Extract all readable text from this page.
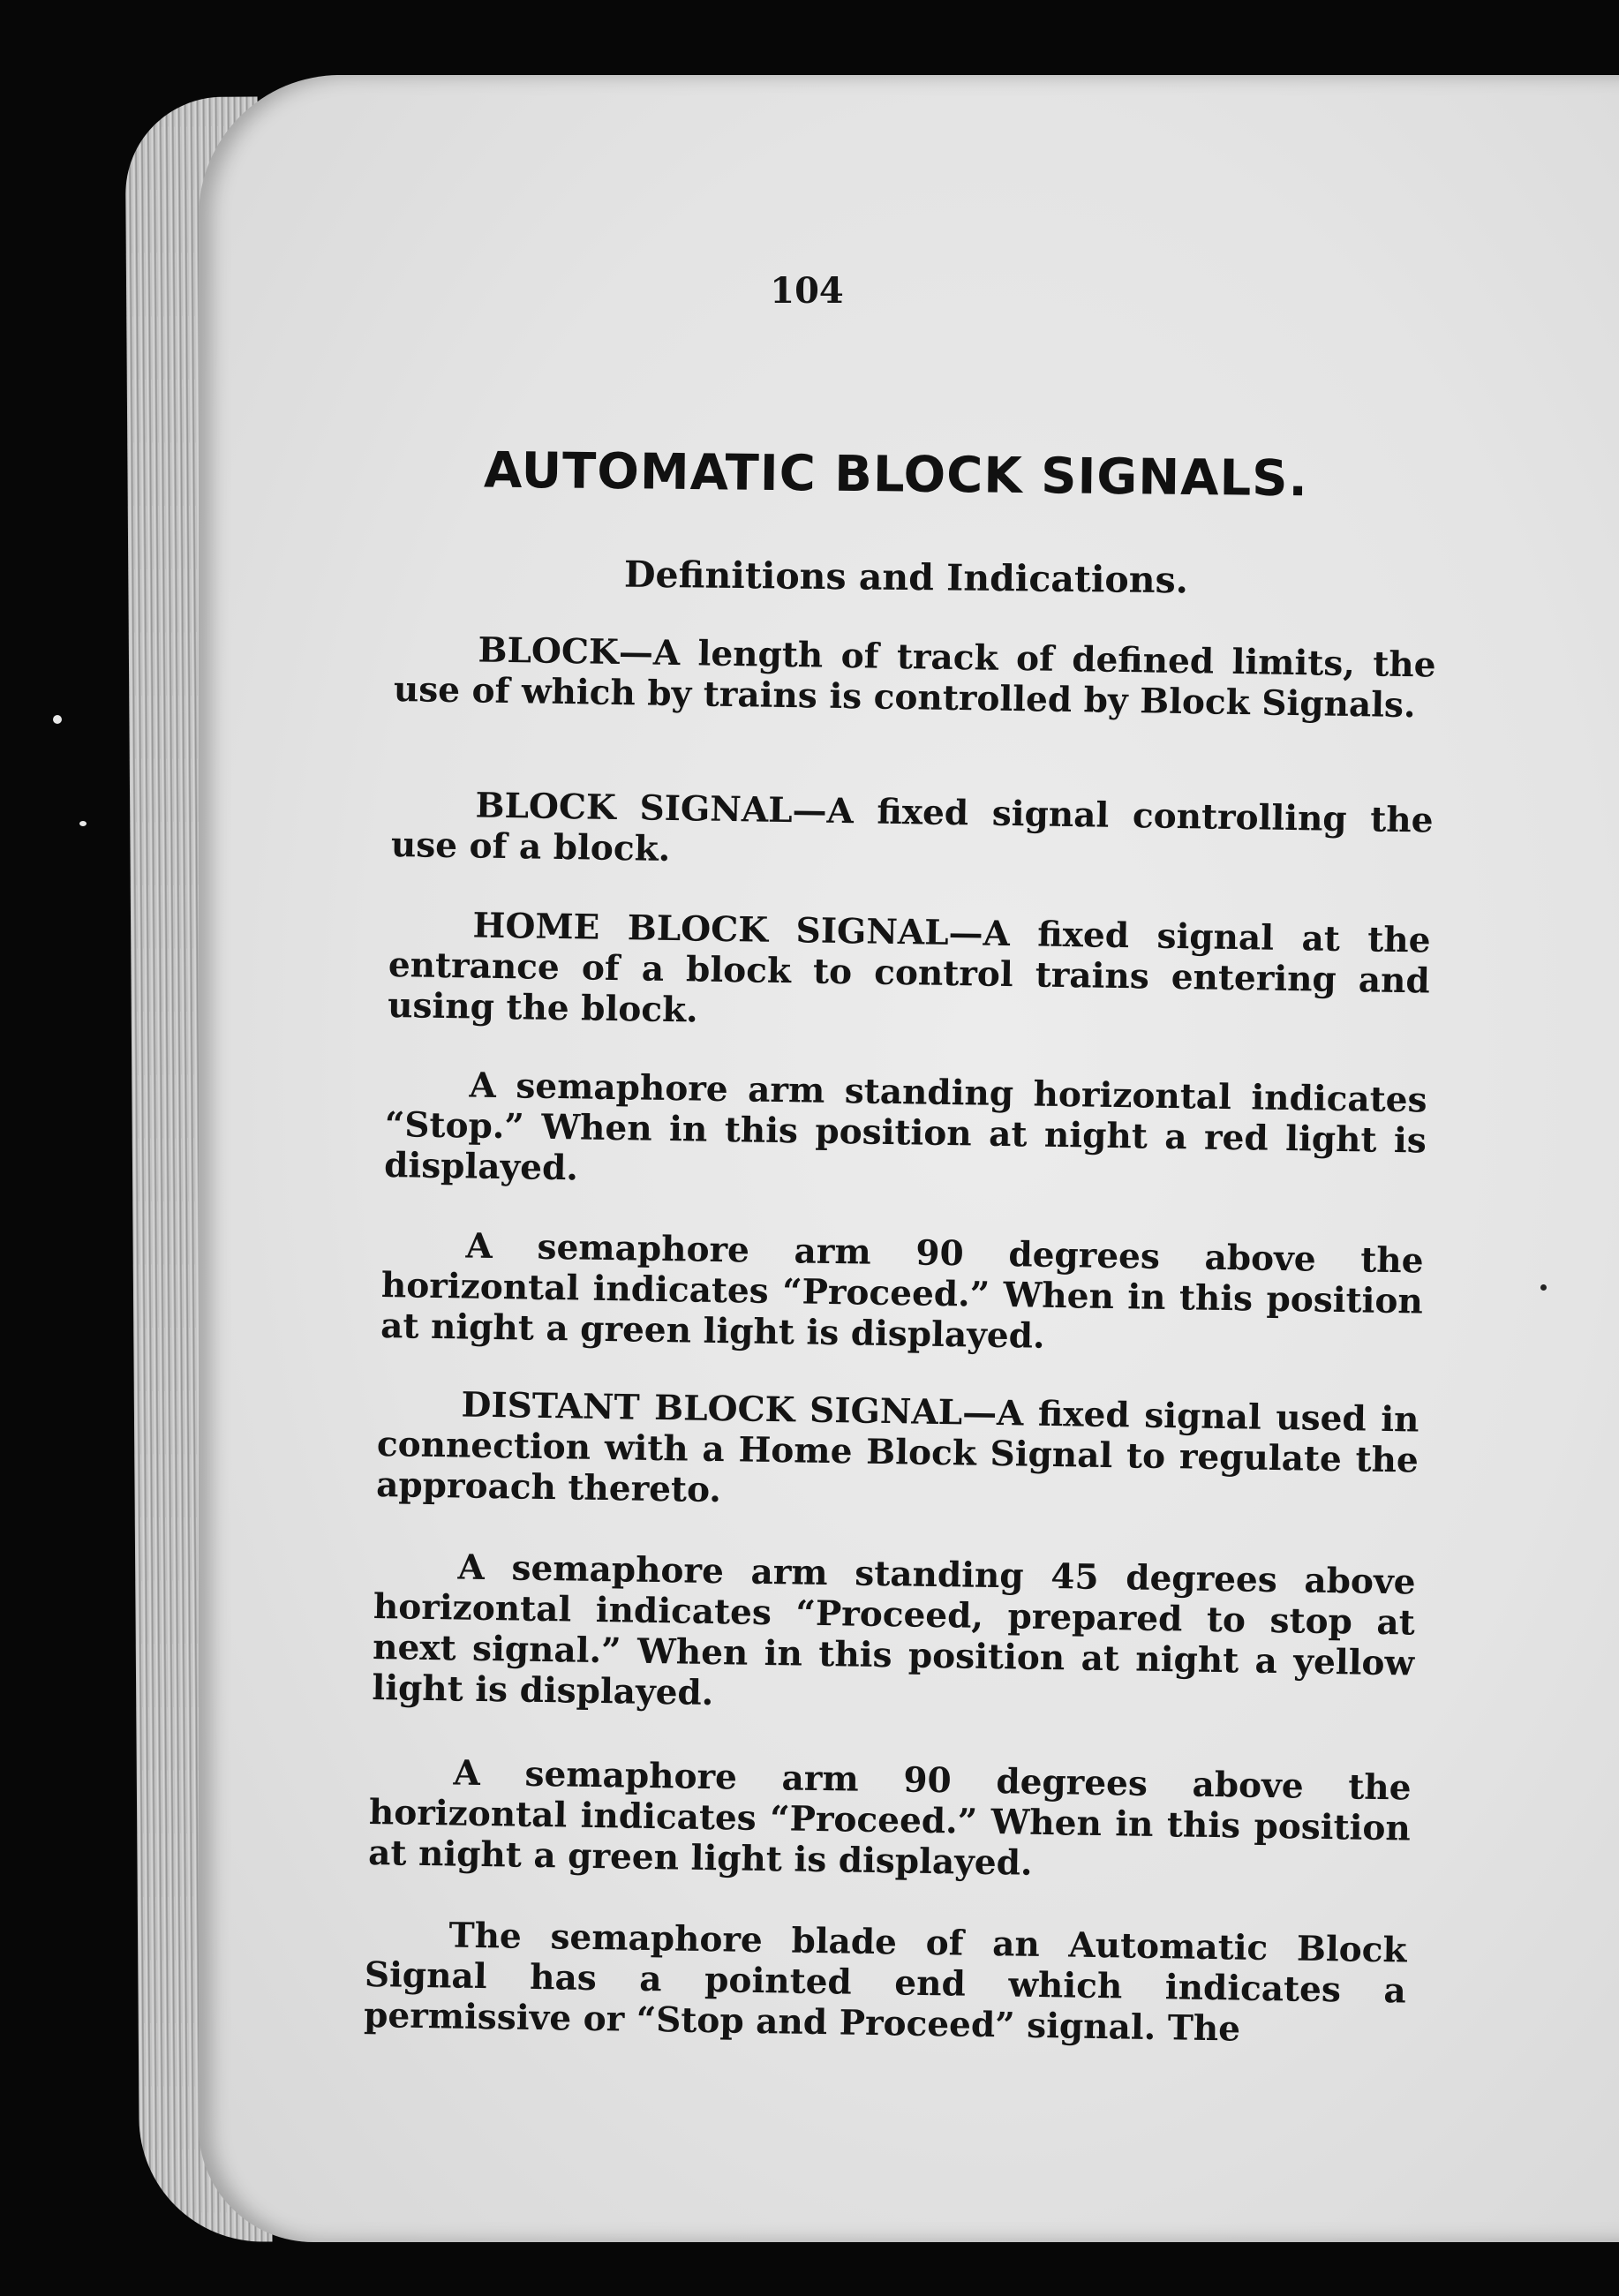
104
AUTOMATIC BLOCK SIGNALS.
Definitions and Indications.
BLOCK—A length of track of defined limits, the use of which by trains is controlled by Block Signals.
BLOCK SIGNAL—A fixed signal controlling the use of a block.
HOME BLOCK SIGNAL—A fixed signal at the entrance of a block to control trains entering and using the block.
A semaphore arm standing horizontal indicates “Stop.” When in this position at night a red light is displayed.
A semaphore arm 90 degrees above the horizontal indicates “Proceed.” When in this position at night a green light is displayed.
DISTANT BLOCK SIGNAL—A fixed signal used in connection with a Home Block Signal to regulate the approach thereto.
A semaphore arm standing 45 degrees above horizontal indicates “Proceed, prepared to stop at next signal.” When in this position at night a yellow light is displayed.
A semaphore arm 90 degrees above the horizontal indicates “Proceed.” When in this position at night a green light is displayed.
The semaphore blade of an Automatic Block Signal has a pointed end which indicates a permissive or “Stop and Proceed” signal. The
